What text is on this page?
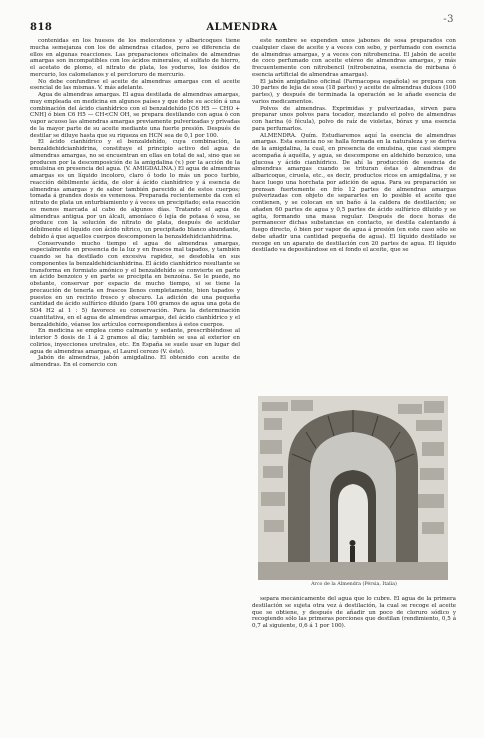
818	ALMENDRA
-3

contenidas en los huesos de los melocotones y albaricoques tiene mucha semejanza con los de almendras citados, pero se diferencia de ellos en algunas reacciones. Las preparaciones oficinales de almendras amargas son incompatibles con los ácidos minerales, el sulfato de hierro, el acetato de plomo, el nitrato de plata, los yoduros, los óxidos de mercurio, los calomelanos y el percloruro de mercurio.

No debe confundirse el aceite de almendras amargas con el aceite esencial de las mismas. V. más adelante.

Agua de almendras amargas. El agua destilada de almendras amargas, muy empleada en medicina en algunos países y que debe su acción á una combinación del ácido cianhídrico con el benzaldehído [C6 H5 — CHO + CNH] ó bien C6 H5 — CH<CN OH, se prepara destilando con agua ó con vapor acuoso las almendras amargas previamente pulverizadas y privadas de la mayor parte de su aceite mediante una fuerte presión. Después de destilar se diluye hasta que su riqueza en HCN sea de 0,1 por 100.

El ácido cianhídrico y el benzaldehído, cuya combinación, la benzaldehidcianhidrina, constituye el principio activo del agua de almendras amargas, no se encuentran en ellas en total de sal, sino que se producen por la descomposición de la amigdalina (v.) por la acción de la emulsina en presencia del agua. (V. AMIGDALINA.) El agua de almendras amargas es un líquido incoloro, claro ó todo lo más un poco turbio, reacción débilmente ácida, de olor á ácido cianhídrico y á esencia de almendras amargas y de sabor también parecido al de estos cuerpos; tomada á grandes dosis es venenosa. Preparada recientemente da con el nitrato de plata un enturbiamiento y á veces un precipitado; esta reacción es menos marcada al cabo de algunos días. Tratando el agua de almendras antigua por un álcali, amoníaco ó lejía de potasa ó sosa, se produce con la solución de nitrato de plata, después de acidular débilmente el líquido con ácido nítrico, un precipitado blanco abundante, debido á que aquellos cuerpos descomponen la benzaldehidcianhidrina.

Conservando mucho tiempo el agua de almendras amargas, especialmente en presencia de la luz y en frascos mal tapados, y también cuando se ha destilado con excesiva rapidez, se desdobla en sus componentes la benzaldehidcianhidrina. El ácido cianhídrico resultante se transforma en formiato amónico y el benzaldehído se convierte en parte en ácido benzoico y en parte se precipita en benzoína. Se le puede, no obstante, conservar por espacio de mucho tiempo, si se tiene la precaución de tenerla en frascos llenos completamente, bien tapados y puestos en un recinto fresco y obscuro. La adición de una pequeña cantidad de ácido sulfúrico diluido (para 100 gramos de agua una gota de SO4 H2 al 1 : 5) favorece su conservación. Para la determinación cuantitativa, en el agua de almendras amargas, del ácido cianhídrico y el benzaldehído, véanse los artículos correspondientes á estos cuerpos.

En medicina se emplea como calmante y sedante, prescribiéndose al interior 5 dosis de 1 á 2 gramos al día; también se usa al exterior en colirios, inyecciones uretrales, etc. En España se suele usar en lugar del agua de almendras amargas, el Laurel cerezo (V. éste).

Jabón de almendras, jabón amigdalino. El obtenido con aceite de almendras. En el comercio con

este nombre se expenden unos jabones de sosa preparados con cualquier clase de aceite y a veces con sebo, y perfumado con esencia de almendras amargas, y a veces con nitrobencina. El jabón de aceite de coco perfumado con aceite etéreo de almendras amargas, y más frecuentemente con nitrobencil (nitrobenzina, esencia de mirbana ó esencia artificial de almendras amargas).

El jabón amigdalino oficinal (Farmacopea española) se prepara con 30 partes de lejía de sosa (18 partes) y aceite de almendras dulces (100 partes), y después de terminada la operación se le añade esencia de varios medicamentos.

Polvos de almendras. Exprimidas y pulverizadas, sirven para preparar unos polvos para tocador, mezclando el polvo de almendras con harina (ó fécula), polvo de raíz de violetas, bórax y una esencia para perfumarlos.

ALMENDRA. Quím. Estudiaremos aquí la esencia de almendras amargas. Esta esencia no se halla formada en la naturaleza y se deriva de la amigdalina, la cual, en presencia de emulsina, que casi siempre acompaña á aquélla, y agua, se descompone en aldehído benzoico, una glucosa y ácido cianhídrico. De ahí la producción de esencia de almendras amargas cuando se trituran éstas ó almendras de albaricoque, ciruela, etc., es decir, productos ricos en amigdalina, y se hace luego una horchata por adición de agua. Para su preparación se prensan fuertemente en frío 12 partes de almendras amargas pulverizadas con objeto de separarles en lo posible el aceite que contienen, y se colocan en un baño á la caldera de destilación; se añaden 60 partes de agua y 0,5 partes de ácido sulfúrico diluido y se agita, formando una masa regular. Después de doce horas de permanecer dichas substancias en contacto, se destila calentando á fuego directo, ó bien por vapor de agua á presión (en este caso sólo se debe añadir una cantidad pequeña de agua). El líquido destilado se recoge en un aparato de destilación con 20 partes de agua. El líquido destilado va depositándose en el fondo el aceite, que se

Arco de la Almendra (Pérsia, Italia)

separa mecánicamente del agua que lo cubre. El agua de la primera destilación se sujeta otra vez á destilación, la cual se recoge el aceite que se obtiene, y después de añadir un poco de cloruro sódico y recogiendo sólo las primeras porciones que destilan (rendimiento, 0,5 á 0,7 al siguiente, 0,6 á 1 por 100).
